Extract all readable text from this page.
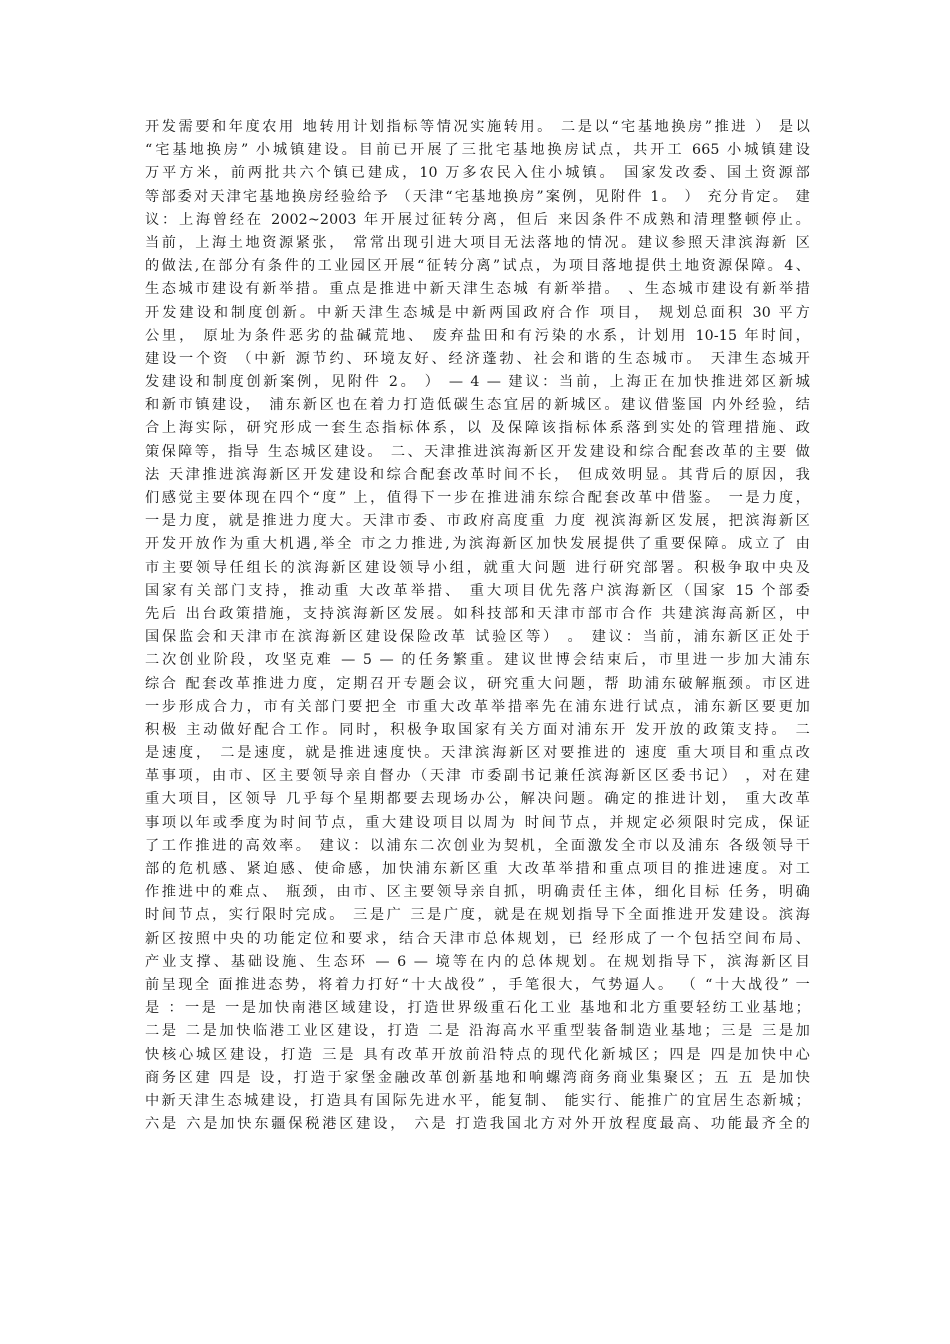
开发需要和年度农用 地转用计划指标等情况实施转用。 二是以“宅基地换房”推进 ） 是以
“宅基地换房” 小城镇建设。目前已开展了三批宅基地换房试点，共开工 665 小城镇建设
万平方米，前两批共六个镇已建成，10 万多农民入住小城镇。 国家发改委、国土资源部
等部委对天津宅基地换房经验给予 （天津“宅基地换房”案例，见附件 1。 ） 充分肯定。 建
议：上海曾经在 2002~2003 年开展过征转分离，但后 来因条件不成熟和清理整顿停止。
当前，上海土地资源紧张， 常常出现引进大项目无法落地的情况。建议参照天津滨海新 区
的做法,在部分有条件的工业园区开展“征转分离”试点，为项目落地提供土地资源保障。4、
生态城市建设有新举措。重点是推进中新天津生态城 有新举措。 、生态城市建设有新举措
开发建设和制度创新。中新天津生态城是中新两国政府合作 项目， 规划总面积 30 平方
公里， 原址为条件恶劣的盐碱荒地、 废弃盐田和有污染的水系，计划用 10-15 年时间，
建设一个资 （中新 源节约、环境友好、经济蓬勃、社会和谐的生态城市。 天津生态城开
发建设和制度创新案例，见附件 2。 ） — 4 — 建议：当前，上海正在加快推进郊区新城
和新市镇建设， 浦东新区也在着力打造低碳生态宜居的新城区。建议借鉴国 内外经验，结
合上海实际，研究形成一套生态指标体系，以 及保障该指标体系落到实处的管理措施、政
策保障等，指导 生态城区建设。 二、天津推进滨海新区开发建设和综合配套改革的主要 做
法 天津推进滨海新区开发建设和综合配套改革时间不长， 但成效明显。其背后的原因，我
们感觉主要体现在四个“度” 上，值得下一步在推进浦东综合配套改革中借鉴。 一是力度，
一是力度，就是推进力度大。天津市委、市政府高度重 力度 视滨海新区发展，把滨海新区
开发开放作为重大机遇,举全 市之力推进,为滨海新区加快发展提供了重要保障。成立了 由
市主要领导任组长的滨海新区建设领导小组，就重大问题 进行研究部署。积极争取中央及
国家有关部门支持，推动重 大改革举措、 重大项目优先落户滨海新区（国家 15 个部委
先后 出台政策措施，支持滨海新区发展。如科技部和天津市部市合作 共建滨海高新区，中
国保监会和天津市在滨海新区建设保险改革 试验区等） 。 建议：当前，浦东新区正处于
二次创业阶段，攻坚克难 — 5 — 的任务繁重。建议世博会结束后，市里进一步加大浦东
综合 配套改革推进力度，定期召开专题会议，研究重大问题，帮 助浦东破解瓶颈。市区进
一步形成合力，市有关部门要把全 市重大改革举措率先在浦东进行试点，浦东新区要更加
积极 主动做好配合工作。同时，积极争取国家有关方面对浦东开 发开放的政策支持。 二
是速度， 二是速度，就是推进速度快。天津滨海新区对要推进的 速度 重大项目和重点改
革事项，由市、区主要领导亲自督办（天津 市委副书记兼任滨海新区区委书记） ，对在建
重大项目，区领导 几乎每个星期都要去现场办公，解决问题。确定的推进计划， 重大改革
事项以年或季度为时间节点，重大建设项目以周为 时间节点，并规定必须限时完成，保证
了工作推进的高效率。 建议：以浦东二次创业为契机，全面激发全市以及浦东 各级领导干
部的危机感、紧迫感、使命感，加快浦东新区重 大改革举措和重点项目的推进速度。对工
作推进中的难点、 瓶颈，由市、区主要领导亲自抓，明确责任主体，细化目标 任务，明确
时间节点，实行限时完成。 三是广 三是广度，就是在规划指导下全面推进开发建设。滨海
新区按照中央的功能定位和要求，结合天津市总体规划，已 经形成了一个包括空间布局、
产业支撑、基础设施、生态环 — 6 — 境等在内的总体规划。在规划指导下，滨海新区目
前呈现全 面推进态势，将着力打好“十大战役” ，手笔很大，气势逼人。 （ “十大战役” 一
是 ：一是 一是加快南港区域建设，打造世界级重石化工业 基地和北方重要轻纺工业基地；
二是 二是加快临港工业区建设，打造 二是 沿海高水平重型装备制造业基地；三是 三是加
快核心城区建设，打造 三是 具有改革开放前沿特点的现代化新城区；四是 四是加快中心
商务区建 四是 设，打造于家堡金融改革创新基地和响螺湾商务商业集聚区；五 五 是加快
中新天津生态城建设，打造具有国际先进水平，能复制、 能实行、能推广的宜居生态新城；
六是 六是加快东疆保税港区建设， 六是 打造我国北方对外开放程度最高、功能最齐全的
